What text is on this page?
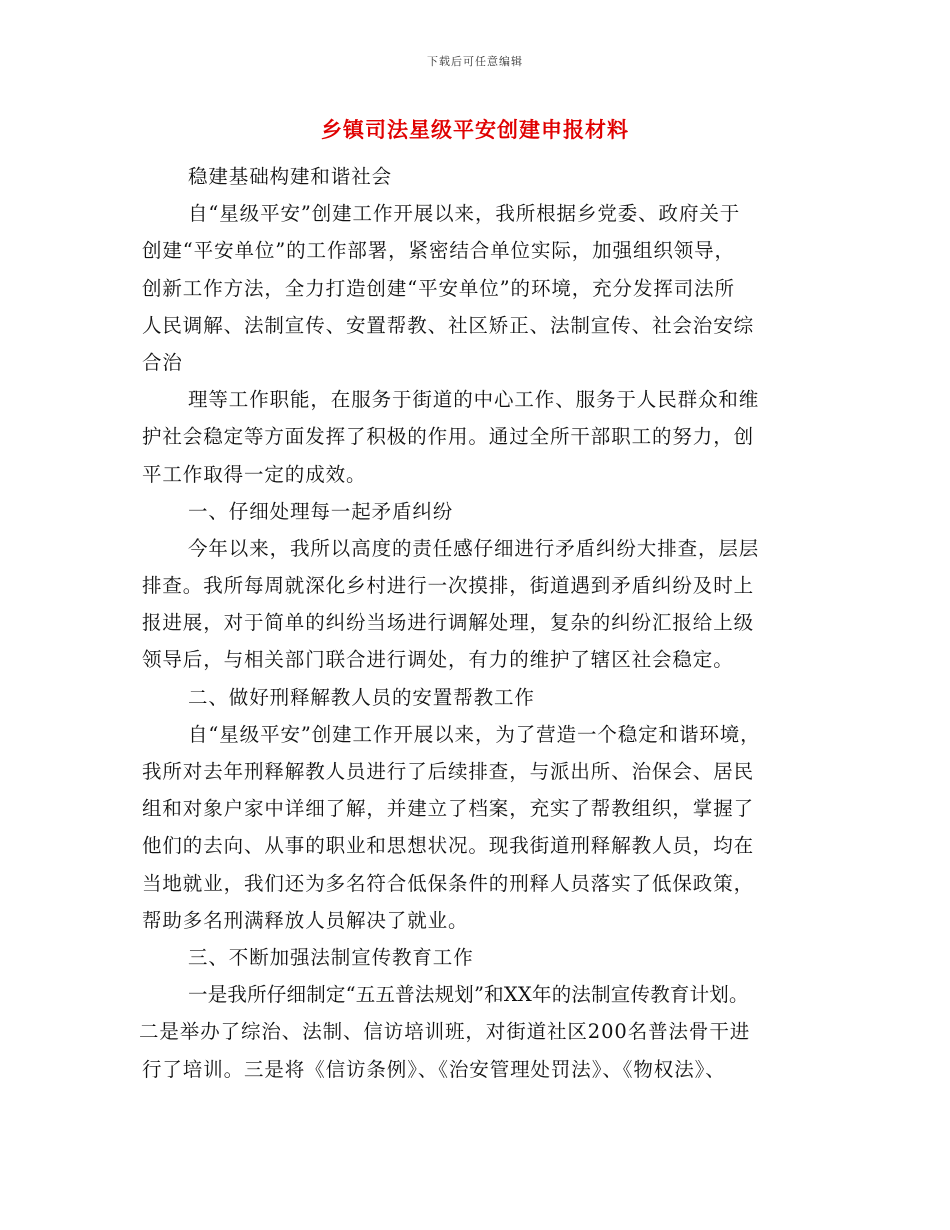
下载后可任意编辑
乡镇司法星级平安创建申报材料
稳建基础构建和谐社会
自“星级平安”创建工作开展以来，我所根据乡党委、政府关于
创建“平安单位”的工作部署，紧密结合单位实际，加强组织领导，
创新工作方法，全力打造创建“平安单位”的环境，充分发挥司法所
人民调解、法制宣传、安置帮教、社区矫正、法制宣传、社会治安综
合治
理等工作职能，在服务于街道的中心工作、服务于人民群众和维
护社会稳定等方面发挥了积极的作用。通过全所干部职工的努力，创
平工作取得一定的成效。
一、仔细处理每一起矛盾纠纷
今年以来，我所以高度的责任感仔细进行矛盾纠纷大排查，层层
排查。我所每周就深化乡村进行一次摸排，街道遇到矛盾纠纷及时上
报进展，对于简单的纠纷当场进行调解处理，复杂的纠纷汇报给上级
领导后，与相关部门联合进行调处，有力的维护了辖区社会稳定。
二、做好刑释解教人员的安置帮教工作
自“星级平安”创建工作开展以来，为了营造一个稳定和谐环境，
我所对去年刑释解教人员进行了后续排查，与派出所、治保会、居民
组和对象户家中详细了解，并建立了档案，充实了帮教组织，掌握了
他们的去向、从事的职业和思想状况。现我街道刑释解教人员，均在
当地就业，我们还为多名符合低保条件的刑释人员落实了低保政策，
帮助多名刑满释放人员解决了就业。
三、不断加强法制宣传教育工作
一是我所仔细制定“五五普法规划”和XX年的法制宣传教育计划。
二是举办了综治、法制、信访培训班，对街道社区200名普法骨干进
行了培训。三是将《信访条例》、《治安管理处罚法》、《物权法》、
